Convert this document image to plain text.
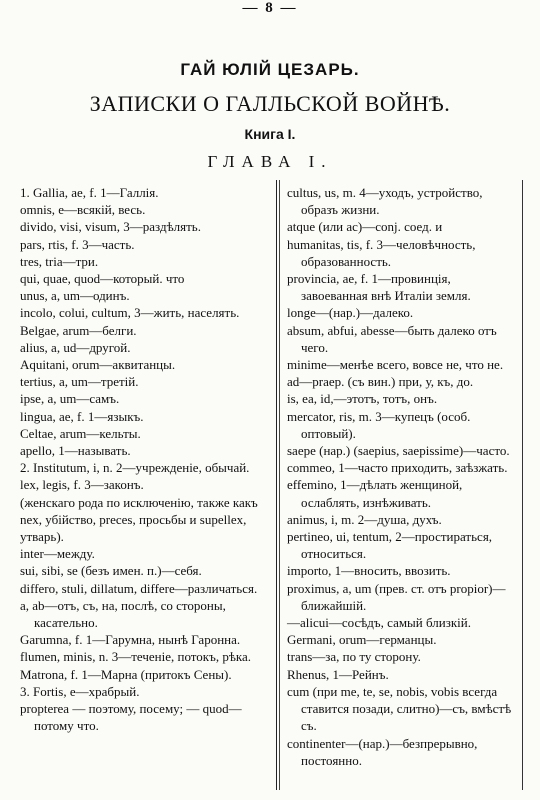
— 8 —
ГАЙ ЮЛІЙ ЦЕЗАРЬ.
ЗАПИСКИ О ГАЛЛЬСКОЙ ВОЙНѢ.
Книга I.
ГЛАВА I.

1. Gallia, ae, f. 1—Галлія.

omnis, e—всякій, весь.

divido, visi, visum, 3—раздѣлять.

pars, rtis, f. 3—часть.

tres, tria—три.

qui, quae, quod—который. что

unus, a, um—одинъ.

incolo, colui, cultum, 3—жить, населять.

Belgae, arum—белги.

alius, a, ud—другой.

Aquitani, orum—аквитанцы.

tertius, a, um—третій.

ipse, a, um—самъ.

lingua, ae, f. 1—языкъ.

Celtae, arum—кельты.

apello, 1—называть.

2. Institutum, i, n. 2—учрежденіе, обычай.

lex, legis, f. 3—законъ.

(женскаго рода по исключенію, также какъ nex, убійство, preces, просьбы и supellex, утварь).

inter—между.

sui, sibi, se (безъ имен. п.)—себя.

differo, stuli, dillatum, differe—различаться.

a, ab—отъ, съ, на, послѣ, со стороны, касательно.

Garumna, f. 1—Гарумна, нынѣ Гаронна.

flumen, minis, n. 3—теченіе, потокъ, рѣка.

Matrona, f. 1—Марна (притокъ Сены).

3. Fortis, e—храбрый.

propterea — поэтому, посему; — quod—потому что.

cultus, us, m. 4—уходъ, устройство, образъ жизни.

atque (или ac)—conj. соед. и

humanitas, tis, f. 3—человѣчность, образованность.

provincia, ae, f. 1—провинція, завоеванная внѣ Италіи земля.

longe—(нар.)—далеко.

absum, abfui, abesse—быть далеко отъ чего.

minime—менѣе всего, вовсе не, что не.

ad—praep. (съ вин.) при, у, къ, до.

is, ea, id,—этотъ, тотъ, онъ.

mercator, ris, m. 3—купецъ (особ. оптовый).

saepe (нар.) (saepius, saepissime)—часто.

commeo, 1—часто приходить, заѣзжать.

effemino, 1—дѣлать женщиной, ослаблять, изнѣживать.

animus, i, m. 2—душа, духъ.

pertineo, ui, tentum, 2—простираться, относиться.

importo, 1—вносить, ввозить.

proximus, a, um (прев. ст. отъ propior)—ближайшій.

—alicui—сосѣдъ, самый близкій.

Germani, orum—германцы.

trans—за, по ту сторону.

Rhenus, 1—Рейнъ.

cum (при me, te, se, nobis, vobis всегда ставится позади, слитно)—съ, вмѣстѣ съ.

continenter—(нар.)—безпрерывно, постоянно.
